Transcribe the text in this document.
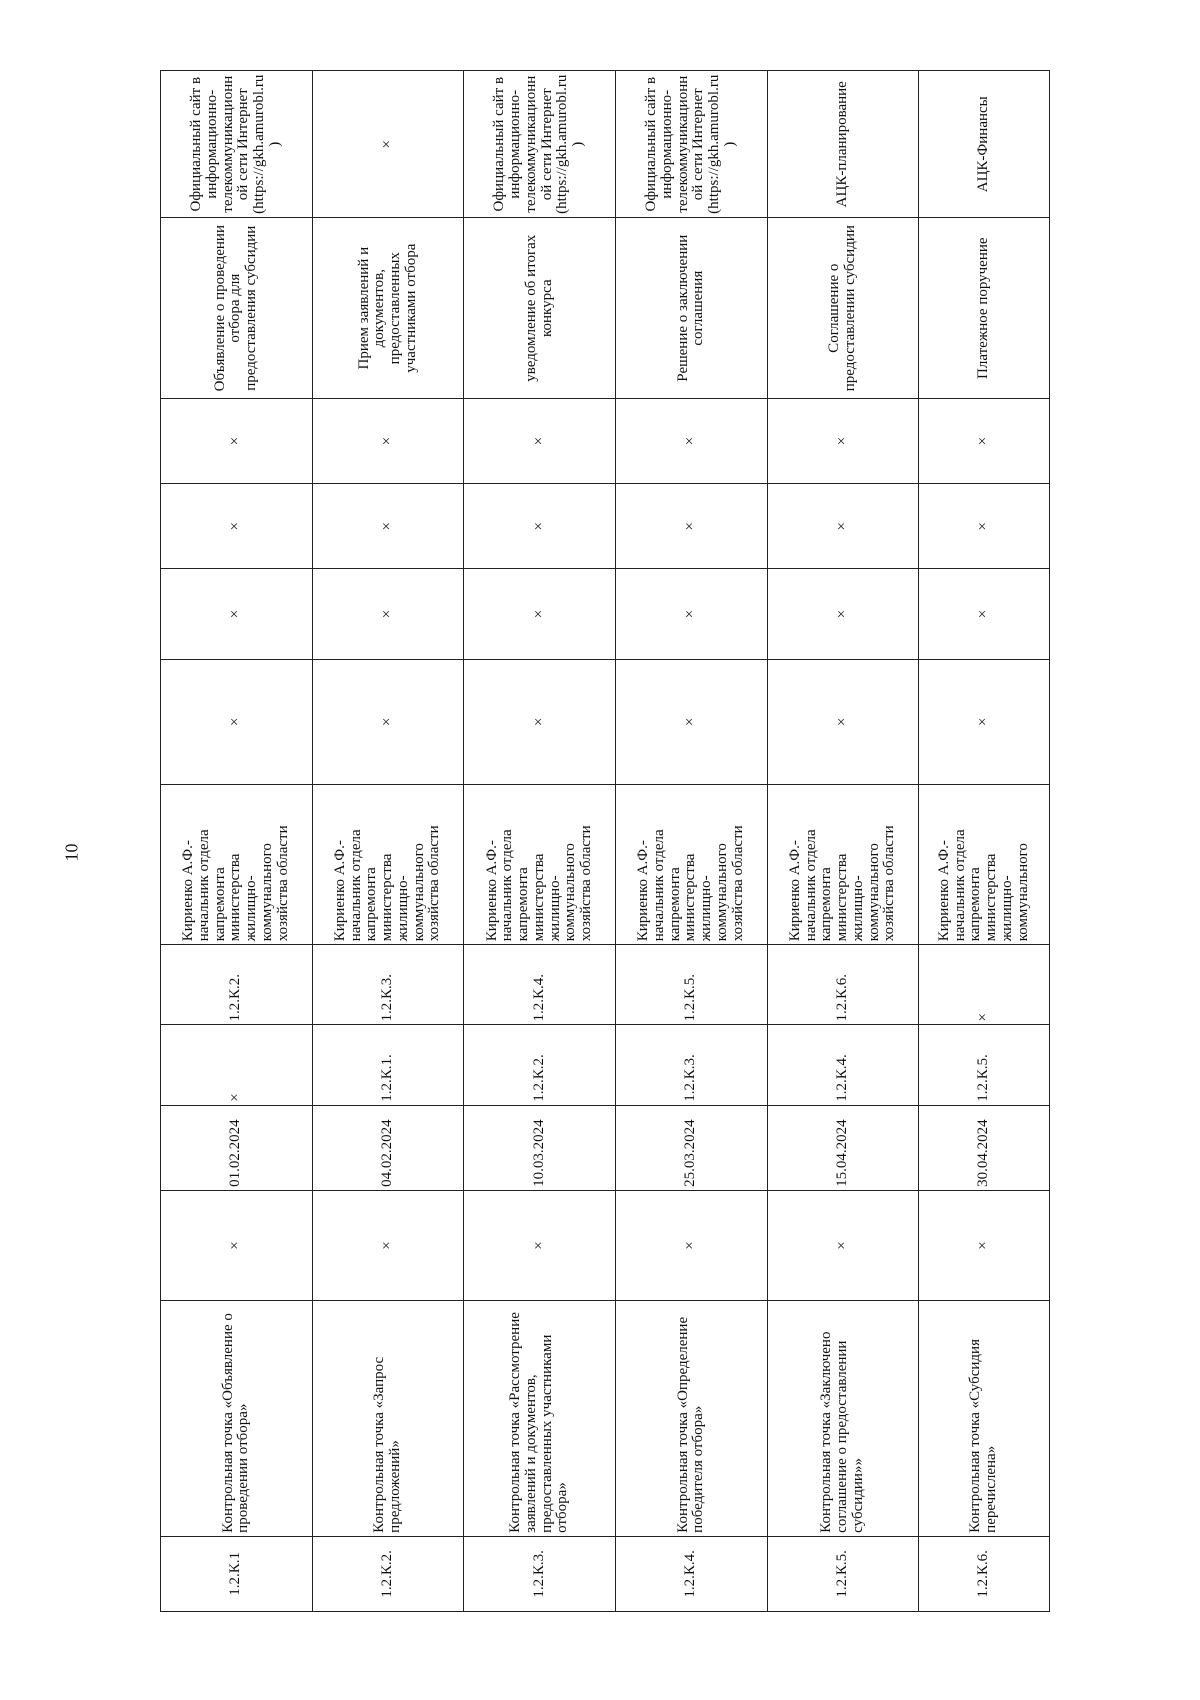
10
1.2.К.1	Контрольная точка «Объявление о проведении отбора»	×	01.02.2024	×	1.2.К.2.	Кириенко А.Ф.- начальник отдела капремонта министерства жилищно-коммунального хозяйства области	×	×	×	×	Объявление о проведении отбора для предоставления субсидии	Официальный сайт в информационно-телекоммуникационной сети Интернет (https://gkh.amurobl.ru)
1.2.К.2.	Контрольная точка «Запрос предложений»	×	04.02.2024	1.2.К.1.	1.2.К.3.	Кириенко А.Ф.- начальник отдела капремонта министерства жилищно-коммунального хозяйства области	×	×	×	×	Прием заявлений и документов, предоставленных участниками отбора	×
1.2.К.3.	Контрольная точка «Рассмотрение заявлений и документов, предоставленных участниками отбора»	×	10.03.2024	1.2.К.2.	1.2.К.4.	Кириенко А.Ф.- начальник отдела капремонта министерства жилищно-коммунального хозяйства области	×	×	×	×	уведомление об итогах конкурса	Официальный сайт в информационно-телекоммуникационной сети Интернет (https://gkh.amurobl.ru)
1.2.К.4.	Контрольная точка «Определение победителя отбора»	×	25.03.2024	1.2.К.3.	1.2.К.5.	Кириенко А.Ф.- начальник отдела капремонта министерства жилищно-коммунального хозяйства области	×	×	×	×	Решение о заключении соглашения	Официальный сайт в информационно-телекоммуникационной сети Интернет (https://gkh.amurobl.ru)
1.2.К.5.	Контрольная точка «Заключено соглашение о предоставлении субсидии»»	×	15.04.2024	1.2.К.4.	1.2.К.6.	Кириенко А.Ф.- начальник отдела капремонта министерства жилищно-коммунального хозяйства области	×	×	×	×	Соглашение о предоставлении субсидии	АЦК-планирование
1.2.К.6.	Контрольная точка «Субсидия перечислена»	×	30.04.2024	1.2.К.5.	×	Кириенко А.Ф.- начальник отдела капремонта министерства жилищно-коммунального	×	×	×	×	Платежное поручение	АЦК-Финансы
